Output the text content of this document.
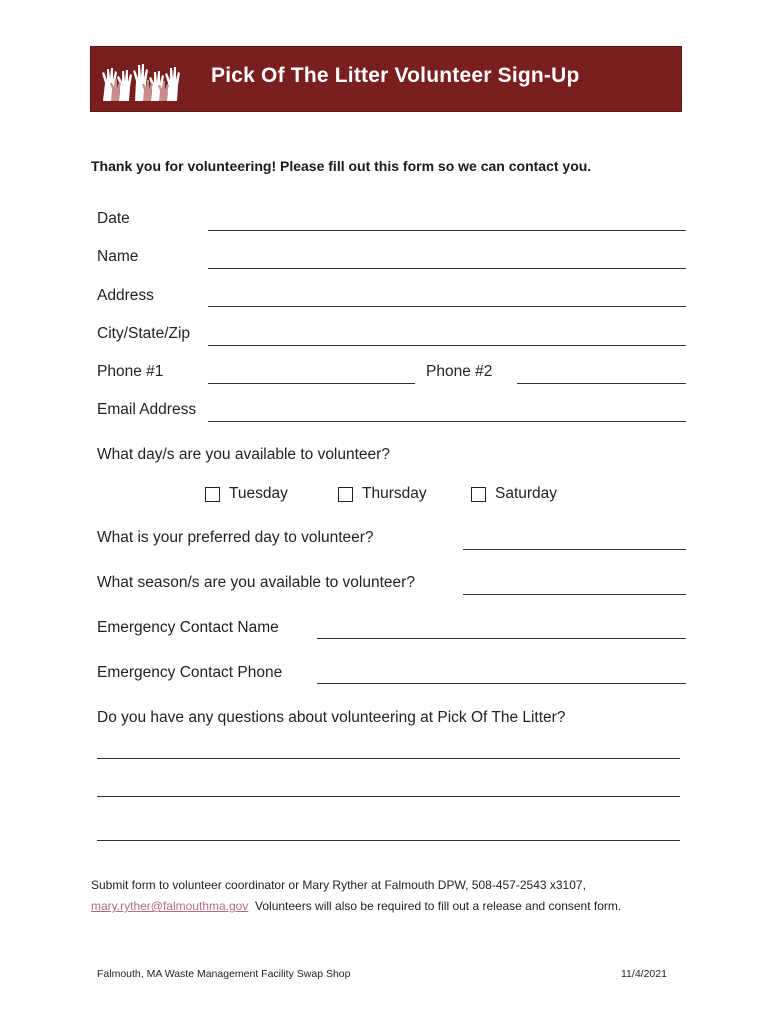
Pick Of The Litter Volunteer Sign-Up
Thank you for volunteering! Please fill out this form so we can contact you.
Date
Name
Address
City/State/Zip
Phone #1	Phone #2
Email Address
What day/s are you available to volunteer?
Tuesday	Thursday	Saturday
What is your preferred day to volunteer?
What season/s are you available to volunteer?
Emergency Contact Name
Emergency Contact Phone
Do you have any questions about volunteering at Pick Of The Litter?
Submit form to volunteer coordinator or Mary Ryther at Falmouth DPW, 508-457-2543 x3107,
mary.ryther@falmouthma.gov Volunteers will also be required to fill out a release and consent form.
Falmouth, MA Waste Management Facility Swap Shop	11/4/2021
